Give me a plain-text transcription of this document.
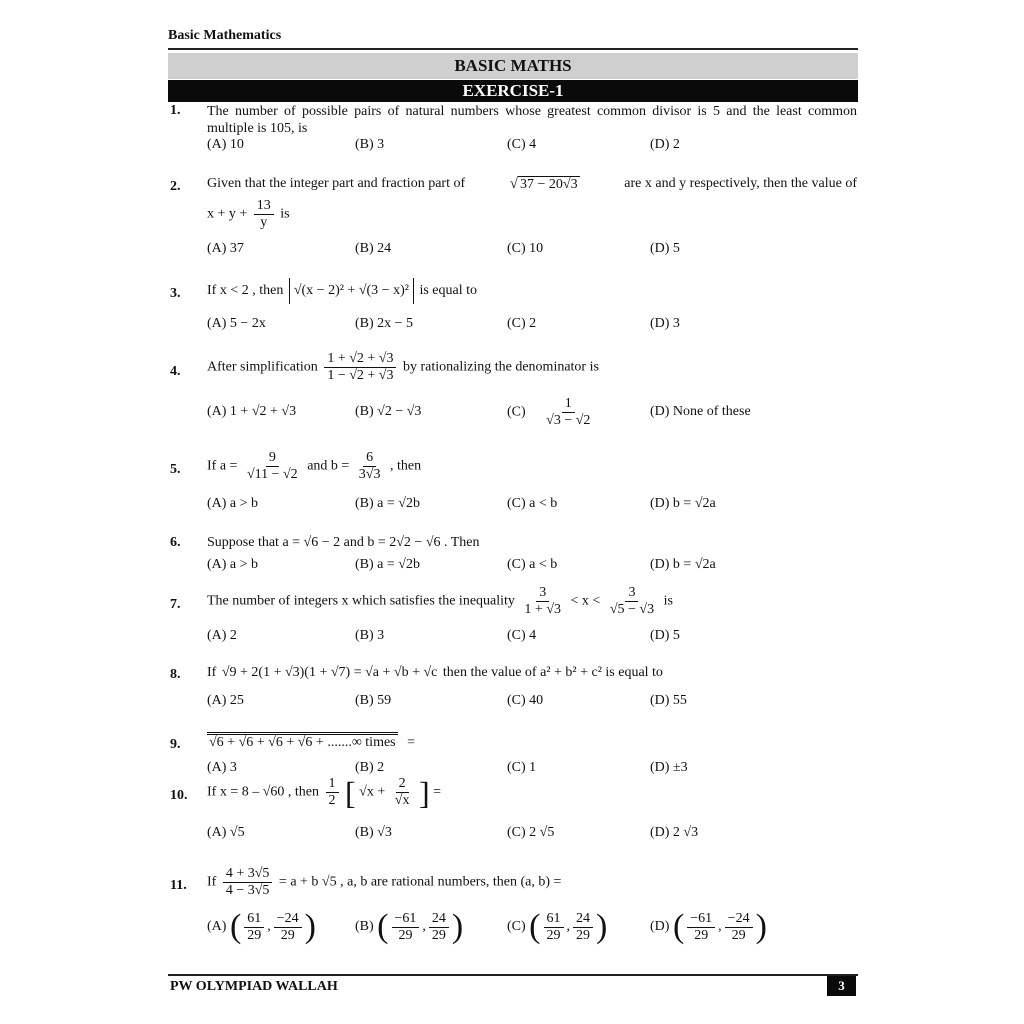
Basic Mathematics
BASIC MATHS
EXERCISE-1
1. The number of possible pairs of natural numbers whose greatest common divisor is 5 and the least common multiple is 105, is
(A) 10	(B) 3	(C) 4	(D) 2
2. Given that the integer part and fraction part of	√ 37 − 20√3	are x and y respectively, then the value of
$x + y + \frac{13}{y}$ is
(A) 37	(B) 24	(C) 10	(D) 5
3. If x < 2 , then √(x − 2)² + √(3 − x)² is equal to
(A) 5 − 2x	(B) 2x − 5	(C) 2	(D) 3
4. After simplification $\frac{1 + √2 + √3}{1 - √2 + √3}$ by rationalizing the denominator is
(A) 1 + √2 + √3	(B) √2 − √3	$(C) \frac{1}{√3 - √2}$	(D) None of these
5. If $a = \frac{9}{√11 - √2}$ and $b = \frac{6}{3√3}$ , then
(A) a > b	(B) a = √2b	(C) a < b	(D) b = √2a
6. Suppose that a = √6 − 2 and b = 2√2 − √6 . Then
(A) a > b	(B) a = √2b	(C) a < b	(D) b = √2a
7. The number of integers x which satisfies the inequality $\frac{3}{1 + √3} < x < \frac{3}{√5 - √3}$ is
(A) 2	(B) 3	(C) 4	(D) 5
8. If √9 + 2(1 + √3)(1 + √7) = √a + √b + √c then the value of a² + b² + c² is equal to
(A) 25	(B) 59	(C) 40	(D) 55
9. √6 + √6 + √6 + √6 + .......∞ times =
(A) 3	(B) 2	(C) 1	(D) ±3
10. If x = 8 – √60 , then $\frac{1}{2}$ [ $√x + \frac{2}{√x}$ ] =
(A) √5	(B) √3	(C) 2 √5	(D) 2 √3
11. If $\frac{4 + 3√5}{4 - 3√5} = a + b$ √5 , a, b are rational numbers, then (a, b) =
(A) ( $\frac{61}{29}$ , $\frac{-24}{29}$ )	(B) ( $\frac{-61}{29}$ , $\frac{24}{29}$ )	(C) ( $\frac{61}{29}$ , $\frac{24}{29}$ )	(D) ( $\frac{-61}{29}$ , $\frac{-24}{29}$ )
PW OLYMPIAD WALLAH	3
